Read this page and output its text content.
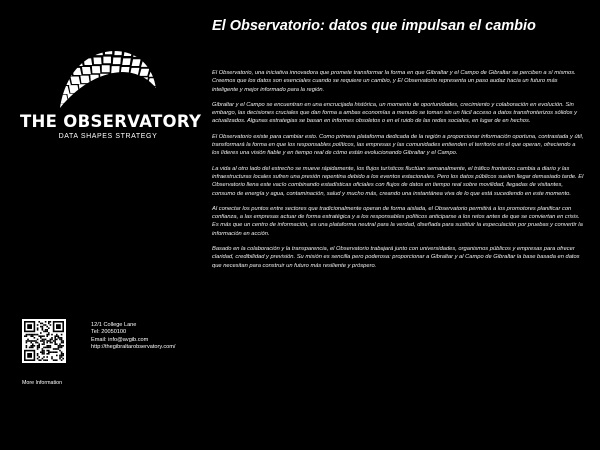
THE OBSERVATORY
DATA SHAPES STRATEGY
El Observatorio: datos que impulsan el cambio

El Observatorio, una iniciativa innovadora que promete transformar la forma en que Gibraltar y el Campo de Gibraltar se perciben a sí mismos. Creemos que los datos son esenciales cuando se requiere un cambio, y El Observatorio representa un paso audaz hacia un futuro más inteligente y mejor informado para la región.

Gibraltar y el Campo se encuentran en una encrucijada histórica, un momento de oportunidades, crecimiento y colaboración en evolución. Sin embargo, las decisiones cruciales que dan forma a ambas economías a menudo se toman sin un fácil acceso a datos transfronterizos sólidos y actualizados. Algunas estrategias se basan en informes obsoletos o en el ruido de las redes sociales, en lugar de en hechos.

El Observatorio existe para cambiar esto. Como primera plataforma dedicada de la región a proporcionar información oportuna, contrastada y útil, transformará la forma en que los responsables políticos, las empresas y las comunidades entienden el territorio en el que operan, ofreciendo a los líderes una visión fiable y en tiempo real de cómo están evolucionando Gibraltar y el Campo.

La vida al otro lado del estrecho se mueve rápidamente, los flujos turísticos fluctúan semanalmente, el tráfico fronterizo cambia a diario y las infraestructuras locales sufren una presión repentina debido a los eventos estacionales. Pero los datos públicos suelen llegar demasiado tarde. El Observatorio llena este vacío combinando estadísticas oficiales con flujos de datos en tiempo real sobre movilidad, llegadas de visitantes, consumo de energía y agua, contaminación, salud y mucho más, creando una instantánea viva de lo que está sucediendo en este momento.

Al conectar los puntos entre sectores que tradicionalmente operan de forma aislada, el Observatorio permitirá a los promotores planificar con confianza, a las empresas actuar de forma estratégica y a los responsables políticos anticiparse a los retos antes de que se conviertan en crisis. Es más que un centro de información, es una plataforma neutral para la verdad, diseñada para sustituir la especulación por pruebas y convertir la información en acción.

Basado en la colaboración y la transparencia, el Observatorio trabajará junto con universidades, organismos públicos y empresas para ofrecer claridad, credibilidad y previsión. Su misión es sencilla pero poderosa: proporcionar a Gibraltar y al Campo de Gibraltar la base basada en datos que necesitan para construir un futuro más resiliente y próspero.

12/1 College Lane
Tel: 20050100
Email: info@avgib.com
http://thegibraltarobservatory.com/
More Information
